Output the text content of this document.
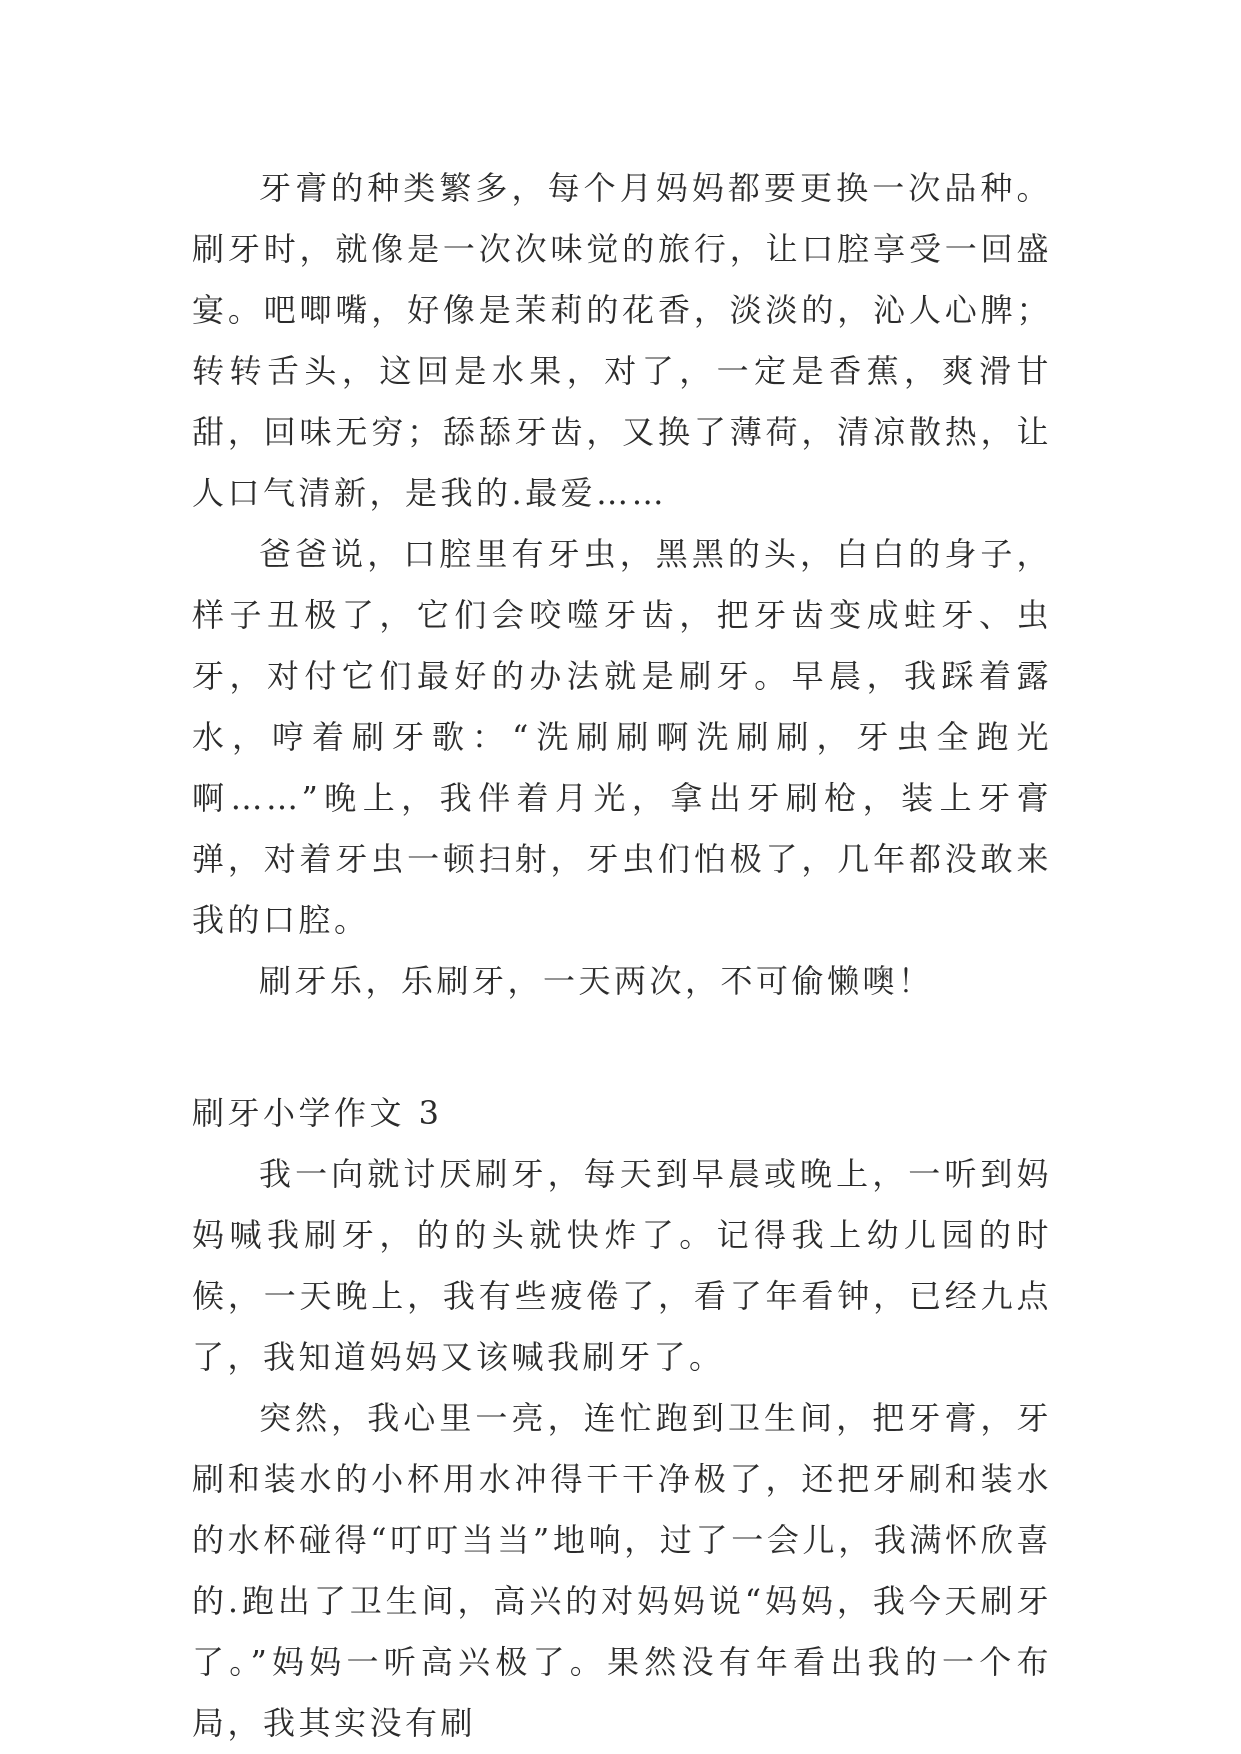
牙膏的种类繁多，每个月妈妈都要更换一次品种。刷牙时，就像是一次次味觉的旅行，让口腔享受一回盛宴。吧唧嘴，好像是茉莉的花香，淡淡的，沁人心脾；转转舌头，这回是水果，对了，一定是香蕉，爽滑甘甜，回味无穷；舔舔牙齿，又换了薄荷，清凉散热，让人口气清新，是我的.最爱……

爸爸说，口腔里有牙虫，黑黑的头，白白的身子，样子丑极了，它们会咬噬牙齿，把牙齿变成蛀牙、虫牙，对付它们最好的办法就是刷牙。早晨，我踩着露水，哼着刷牙歌：“洗刷刷啊洗刷刷，牙虫全跑光啊……”晚上，我伴着月光，拿出牙刷枪，装上牙膏弹，对着牙虫一顿扫射，牙虫们怕极了，几年都没敢来我的口腔。

刷牙乐，乐刷牙，一天两次，不可偷懒噢！

刷牙小学作文 3

我一向就讨厌刷牙，每天到早晨或晚上，一听到妈妈喊我刷牙，的的头就快炸了。记得我上幼儿园的时候，一天晚上，我有些疲倦了，看了年看钟，已经九点了，我知道妈妈又该喊我刷牙了。

突然，我心里一亮，连忙跑到卫生间，把牙膏，牙刷和装水的小杯用水冲得干干净极了，还把牙刷和装水的水杯碰得“叮叮当当”地响，过了一会儿，我满怀欣喜的.跑出了卫生间，高兴的对妈妈说“妈妈，我今天刷牙了。”妈妈一听高兴极了。果然没有年看出我的一个布局，我其实没有刷
